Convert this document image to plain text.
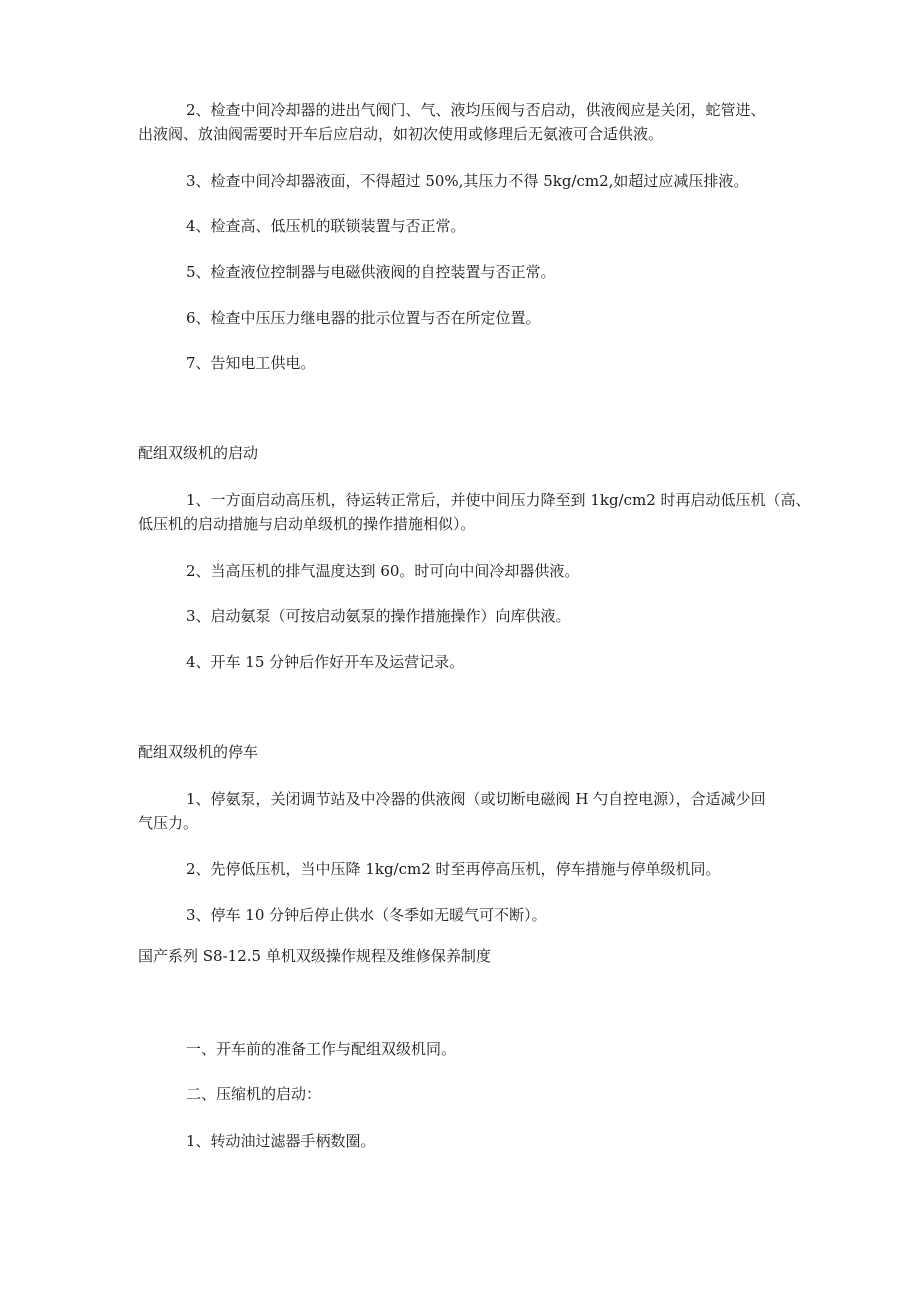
2、检查中间冷却器的进出气阀门、气、液均压阀与否启动，供液阀应是关闭，蛇管进、
出液阀、放油阀需要时开车后应启动，如初次使用或修理后无氨液可合适供液。
3、检查中间冷却器液面，不得超过 50%,其压力不得 5kg/cm2,如超过应减压排液。
4、检查高、低压机的联锁装置与否正常。
5、检查液位控制器与电磁供液阀的自控装置与否正常。
6、检查中压压力继电器的批示位置与否在所定位置。
7、告知电工供电。
配组双级机的启动
1、一方面启动高压机，待运转正常后，并使中间压力降至到 1kg/cm2 时再启动低压机（高、
低压机的启动措施与启动单级机的操作措施相似）。
2、当高压机的排气温度达到 60。时可向中间冷却器供液。
3、启动氨泵（可按启动氨泵的操作措施操作）向库供液。
4、开车 15 分钟后作好开车及运营记录。
配组双级机的停车
1、停氨泵，关闭调节站及中冷器的供液阀（或切断电磁阀 H 勺自控电源），合适减少回
气压力。
2、先停低压机，当中压降 1kg/cm2 时至再停高压机，停车措施与停单级机同。
3、停车 10 分钟后停止供水（冬季如无暖气可不断）。
国产系列 S8-12.5 单机双级操作规程及维修保养制度
一、开车前的准备工作与配组双级机同。
二、压缩机的启动：
1、转动油过滤器手柄数圈。
